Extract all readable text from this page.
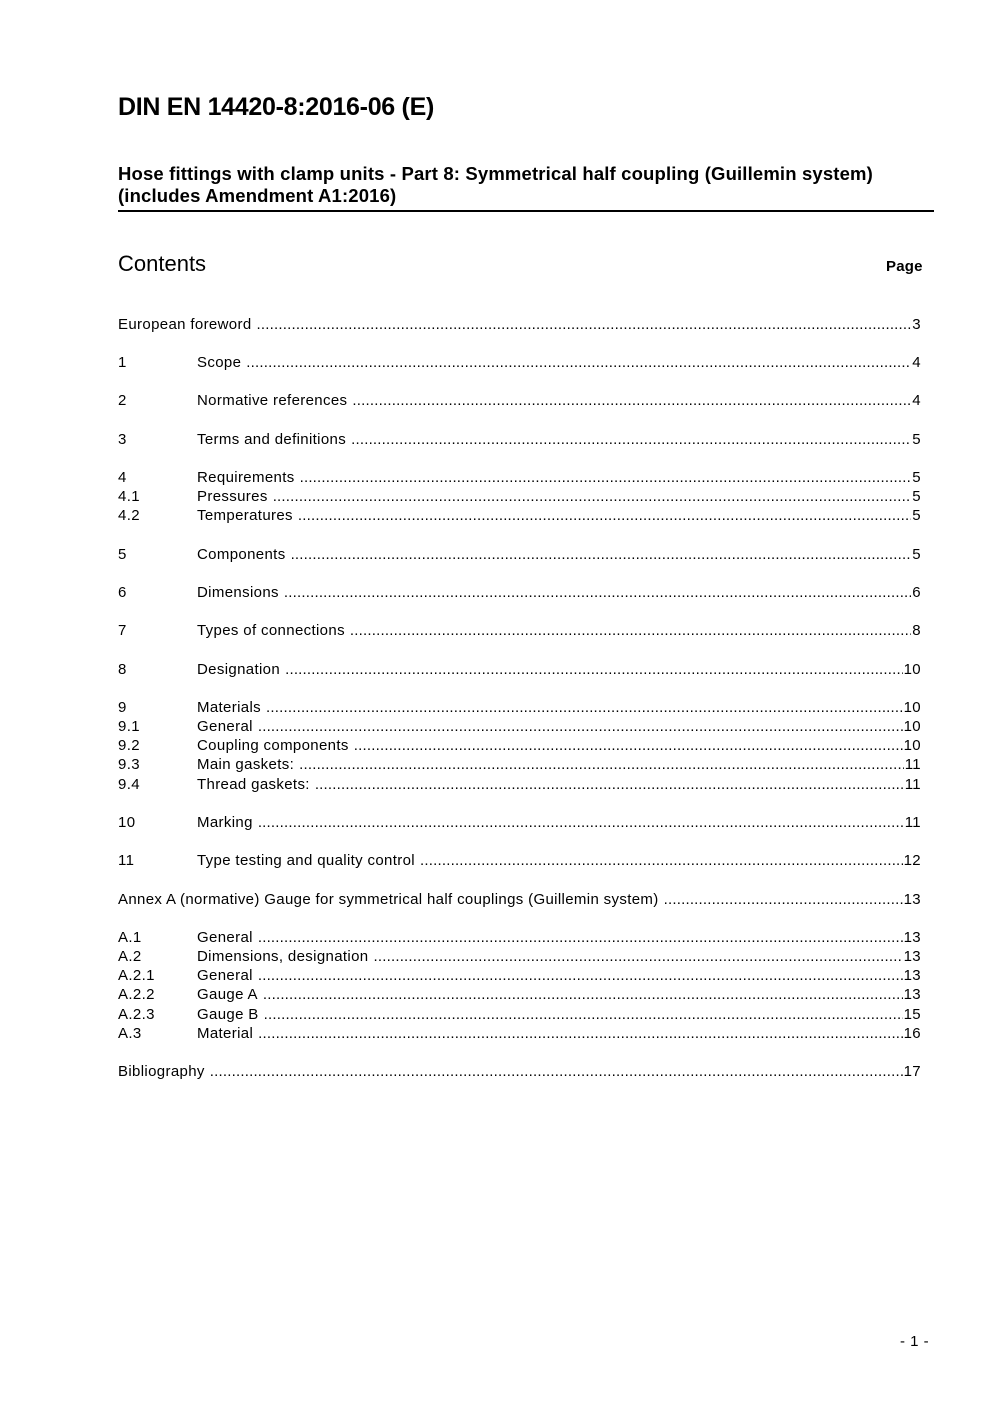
DIN EN 14420-8:2016-06 (E)
Hose fittings with clamp units - Part 8: Symmetrical half coupling (Guillemin system)
(includes Amendment A1:2016)
Contents	Page
European foreword .....	3
1	Scope .....	4
2	Normative references .....	4
3	Terms and definitions .....	5
4	Requirements .....	5
4.1	Pressures .....	5
4.2	Temperatures .....	5
5	Components .....	5
6	Dimensions .....	6
7	Types of connections .....	8
8	Designation .....	10
9	Materials .....	10
9.1	General .....	10
9.2	Coupling components .....	10
9.3	Main gaskets: .....	11
9.4	Thread gaskets: .....	11
10	Marking .....	11
11	Type testing and quality control .....	12
Annex A (normative) Gauge for symmetrical half couplings (Guillemin system) .....	13
A.1	General .....	13
A.2	Dimensions, designation .....	13
A.2.1	General .....	13
A.2.2	Gauge A .....	13
A.2.3	Gauge B .....	15
A.3	Material .....	16
Bibliography .....	17
- 1 -
